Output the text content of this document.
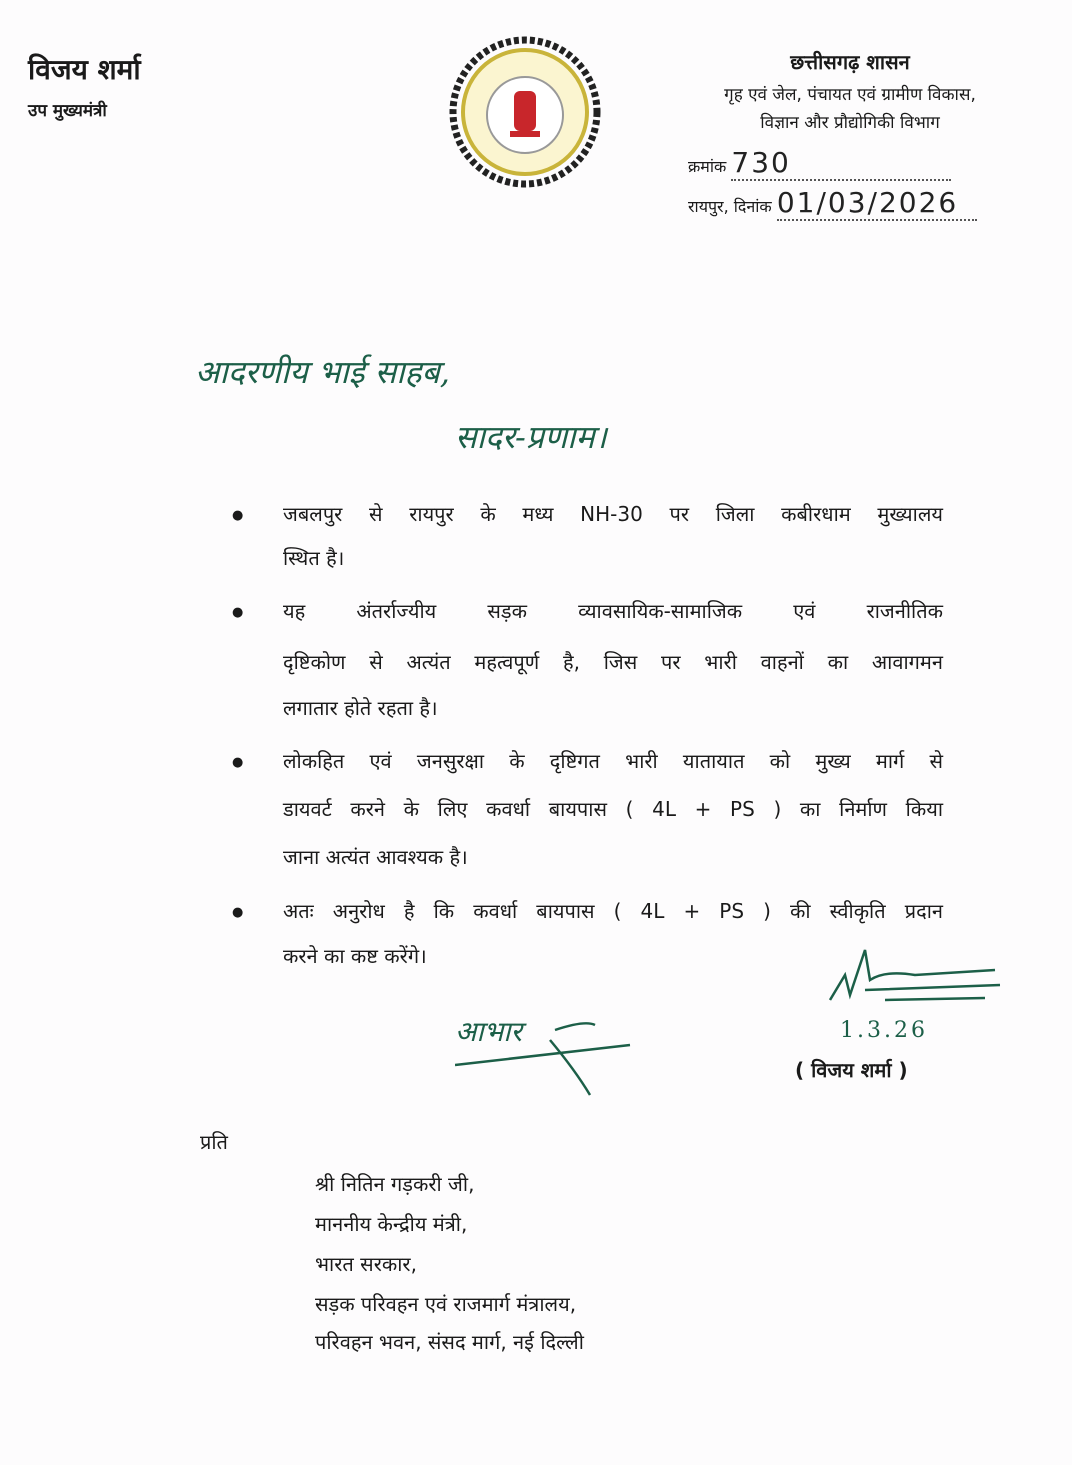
विजय शर्मा
उप मुख्यमंत्री
छत्तीसगढ़ शासन
गृह एवं जेल, पंचायत एवं ग्रामीण विकास,
विज्ञान और प्रौद्योगिकी विभाग
क्रमांक 730
रायपुर, दिनांक 01/03/2026
आदरणीय भाई साहब,
सादर-प्रणाम।
● जबलपुर से रायपुर के मध्य NH-30 पर जिला कबीरधाम मुख्यालय
स्थित है।
● यह अंतर्राज्यीय सड़क व्यावसायिक-सामाजिक एवं राजनीतिक
दृष्टिकोण से अत्यंत महत्वपूर्ण है, जिस पर भारी वाहनों का आवागमन
लगातार होते रहता है।
● लोकहित एवं जनसुरक्षा के दृष्टिगत भारी यातायात को मुख्य मार्ग से
डायवर्ट करने के लिए कवर्धा बायपास ( 4L + PS ) का निर्माण किया
जाना अत्यंत आवश्यक है।
● अतः अनुरोध है कि कवर्धा बायपास ( 4L + PS ) की स्वीकृति प्रदान
करने का कष्ट करेंगे।
1.3.26
( विजय शर्मा )
आभार
प्रति
श्री नितिन गड़करी जी,
माननीय केन्द्रीय मंत्री,
भारत सरकार,
सड़क परिवहन एवं राजमार्ग मंत्रालय,
परिवहन भवन, संसद मार्ग, नई दिल्ली
